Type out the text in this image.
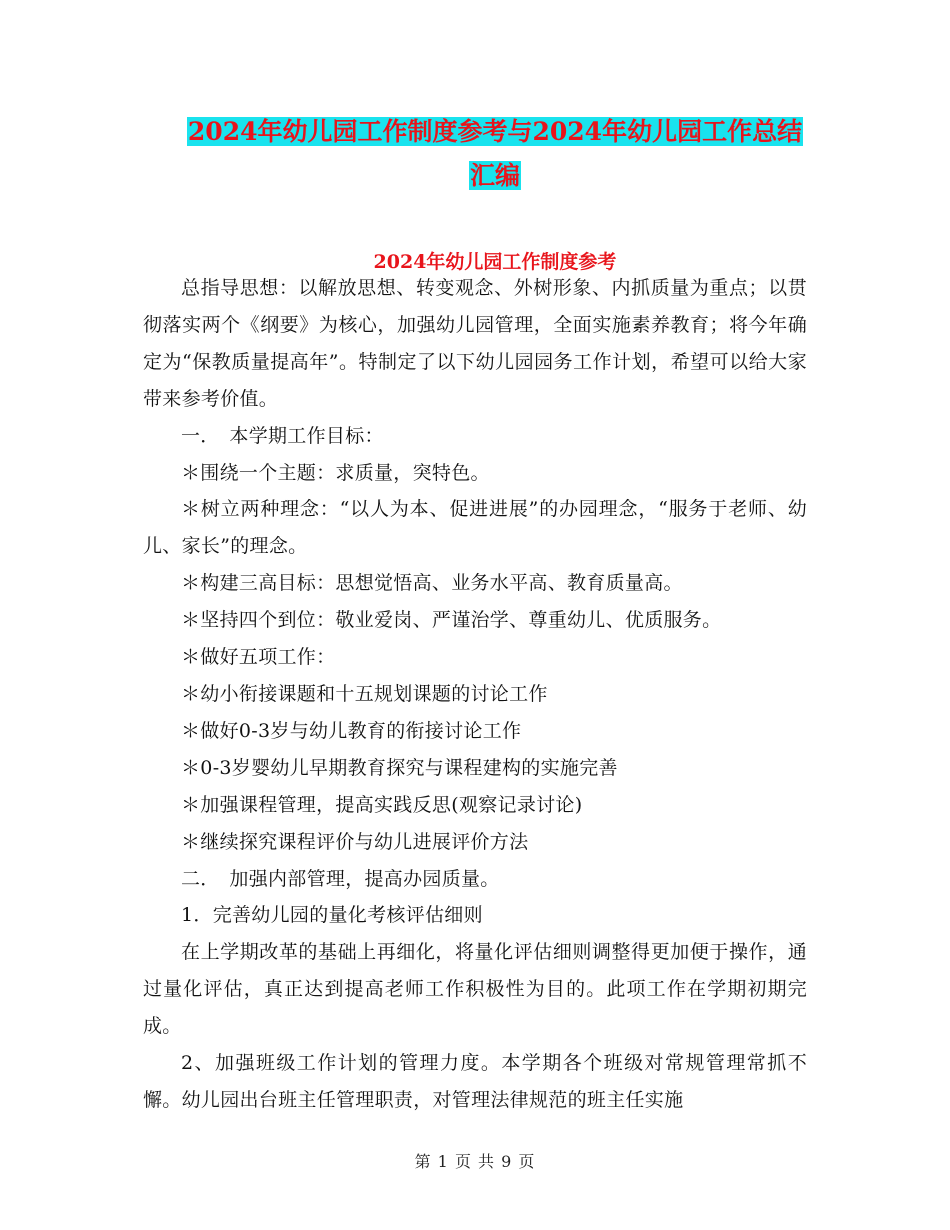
2024年幼儿园工作制度参考与2024年幼儿园工作总结
汇编
2024年幼儿园工作制度参考

总指导思想：以解放思想、转变观念、外树形象、内抓质量为重点；以贯彻落实两个《纲要》为核心，加强幼儿园管理，全面实施素养教育；将今年确定为“保教质量提高年”。特制定了以下幼儿园园务工作计划，希望可以给大家带来参考价值。

一．　本学期工作目标：

＊围绕一个主题：求质量，突特色。

＊树立两种理念：“以人为本、促进进展”的办园理念，“服务于老师、幼儿、家长”的理念。

＊构建三高目标：思想觉悟高、业务水平高、教育质量高。

＊坚持四个到位：敬业爱岗、严谨治学、尊重幼儿、优质服务。

＊做好五项工作：

＊幼小衔接课题和十五规划课题的讨论工作

＊做好0-3岁与幼儿教育的衔接讨论工作

＊0-3岁婴幼儿早期教育探究与课程建构的实施完善

＊加强课程管理，提高实践反思(观察记录讨论)

＊继续探究课程评价与幼儿进展评价方法

二．　加强内部管理，提高办园质量。

1．完善幼儿园的量化考核评估细则

在上学期改革的基础上再细化，将量化评估细则调整得更加便于操作，通过量化评估，真正达到提高老师工作积极性为目的。此项工作在学期初期完成。

2、加强班级工作计划的管理力度。本学期各个班级对常规管理常抓不懈。幼儿园出台班主任管理职责，对管理法律规范的班主任实施

第 1 页 共 9 页
